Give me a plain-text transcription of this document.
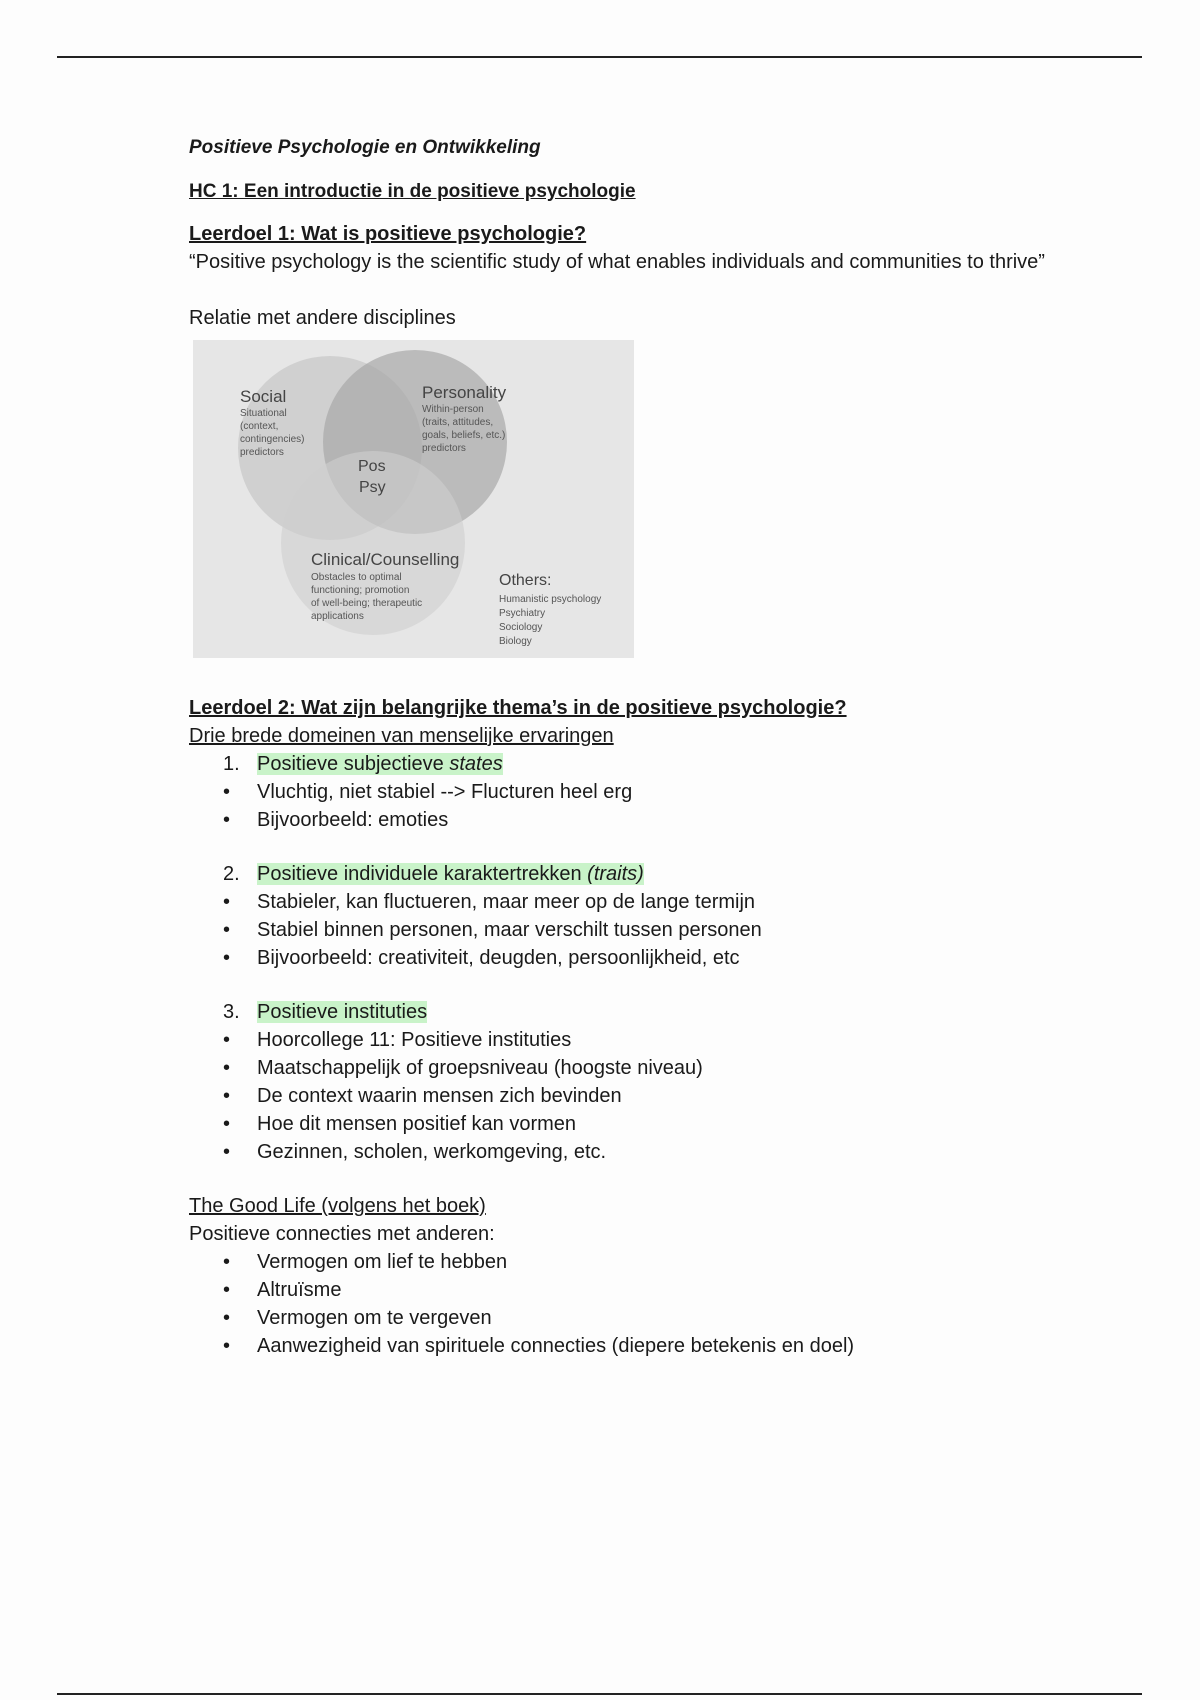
Positieve Psychologie en Ontwikkeling

HC 1: Een introductie in de positieve psychologie

Leerdoel 1: Wat is positieve psychologie?

“Positive psychology is the scientific study of what enables individuals and communities to thrive”

Relatie met andere disciplines

Social
Situational (context, contingencies) predictors
Personality
Within-person (traits, attitudes, goals, beliefs, etc.) predictors
Pos Psy
Clinical/Counselling
Obstacles to optimal functioning; promotion of well-being; therapeutic applications
Others:
Humanistic psychology Psychiatry Sociology Biology

Leerdoel 2: Wat zijn belangrijke thema’s in de positieve psychologie?

Drie brede domeinen van menselijke ervaringen

1. Positieve subjectieve states
• Vluchtig, niet stabiel --> Flucturen heel erg
• Bijvoorbeeld: emoties
2. Positieve individuele karaktertrekken (traits)
• Stabieler, kan fluctueren, maar meer op de lange termijn
• Stabiel binnen personen, maar verschilt tussen personen
• Bijvoorbeeld: creativiteit, deugden, persoonlijkheid, etc
3. Positieve instituties
• Hoorcollege 11: Positieve instituties
• Maatschappelijk of groepsniveau (hoogste niveau)
• De context waarin mensen zich bevinden
• Hoe dit mensen positief kan vormen
• Gezinnen, scholen, werkomgeving, etc.

The Good Life (volgens het boek)

Positieve connecties met anderen:

• Vermogen om lief te hebben
• Altruïsme
• Vermogen om te vergeven
• Aanwezigheid van spirituele connecties (diepere betekenis en doel)
